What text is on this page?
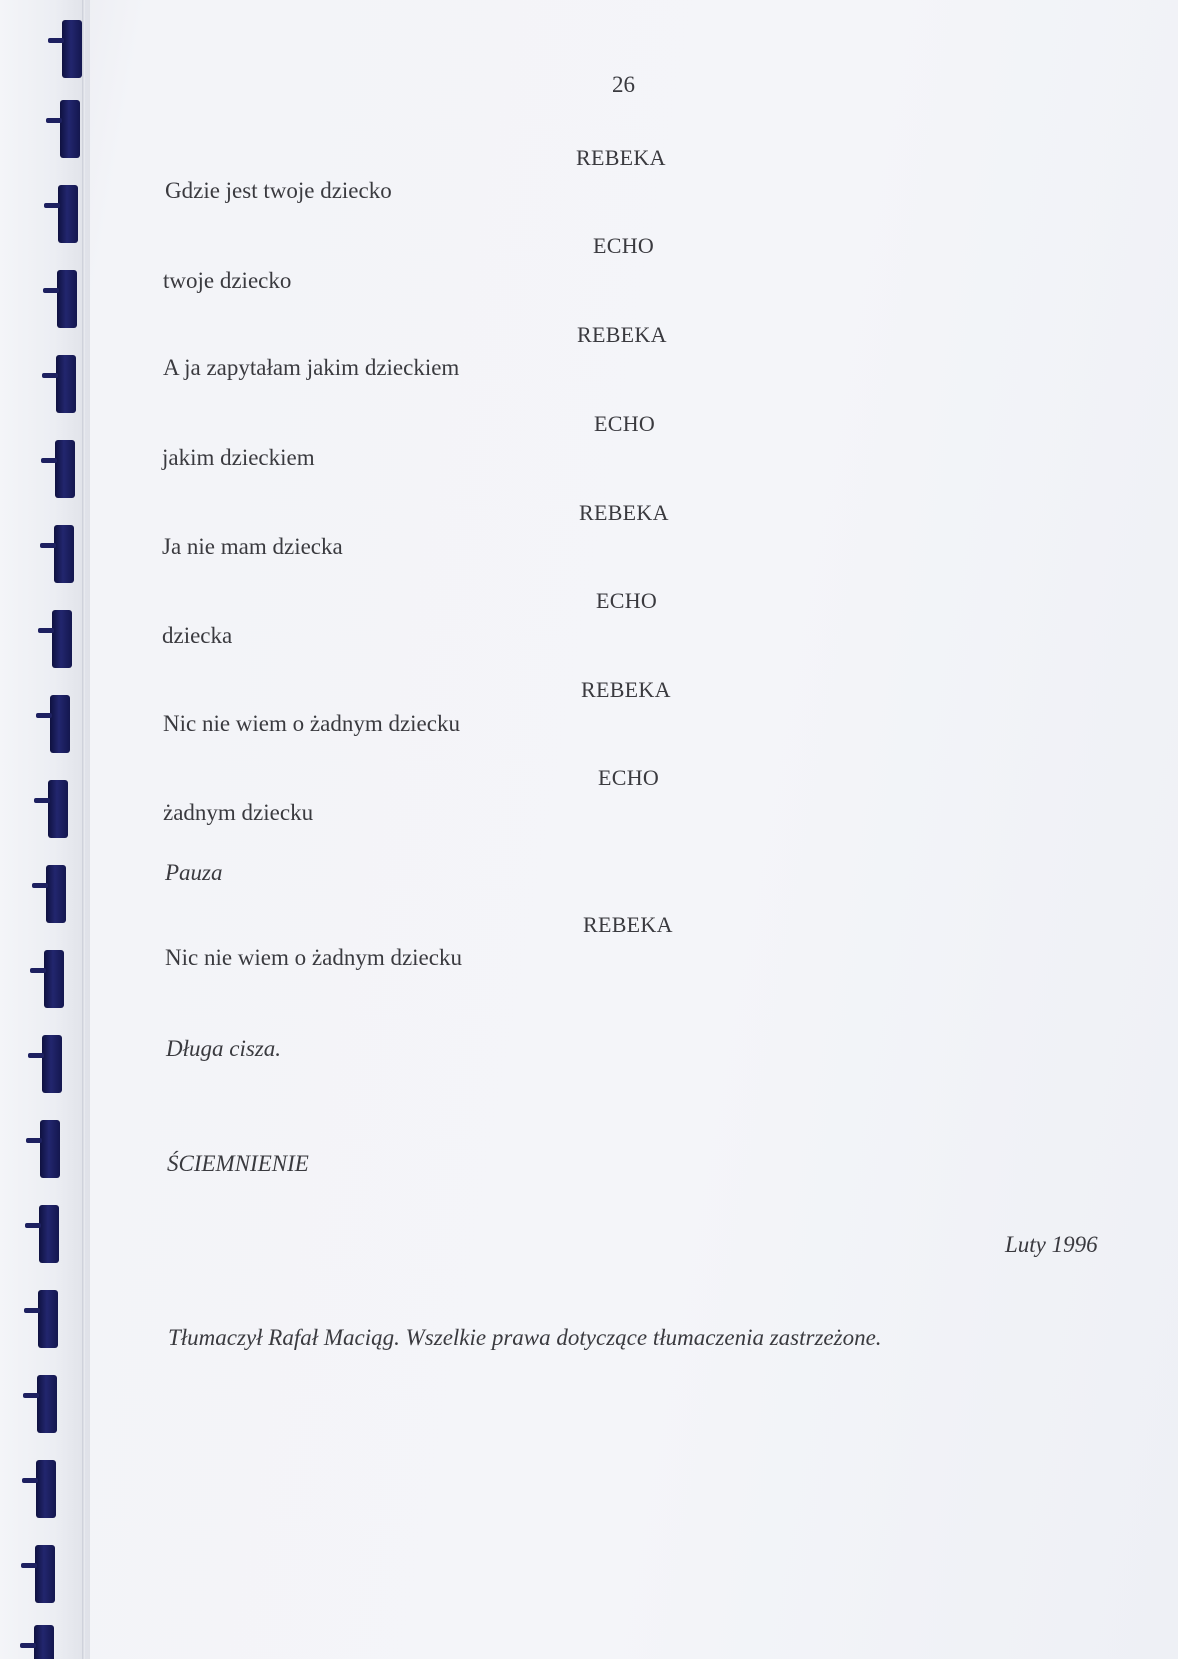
26
REBEKA
Gdzie jest twoje dziecko
ECHO
twoje dziecko
REBEKA
A ja zapytałam jakim dzieckiem
ECHO
jakim dzieckiem
REBEKA
Ja nie mam dziecka
ECHO
dziecka
REBEKA
Nic nie wiem o żadnym dziecku
ECHO
żadnym dziecku
Pauza
REBEKA
Nic nie wiem o żadnym dziecku
Długa cisza.
ŚCIEMNIENIE
Luty 1996
Tłumaczył Rafał Maciąg. Wszelkie prawa dotyczące tłumaczenia zastrzeżone.
